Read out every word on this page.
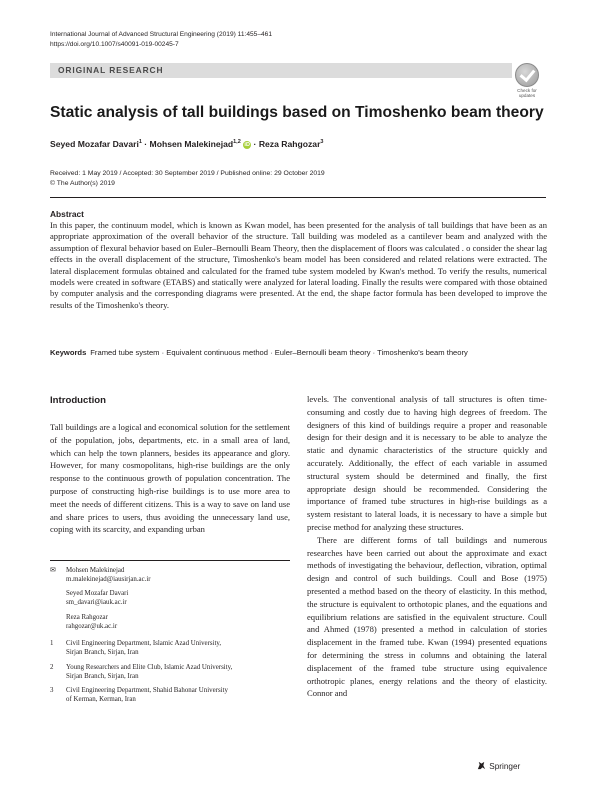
International Journal of Advanced Structural Engineering (2019) 11:455–461
https://doi.org/10.1007/s40091-019-00245-7
ORIGINAL RESEARCH
Check for
updates
Static analysis of tall buildings based on Timoshenko beam theory
Seyed Mozafar Davari$^1$ · Mohsen Malekinejad$^{1,2}$ iD · Reza Rahgozar$^3$
Received: 1 May 2019 / Accepted: 30 September 2019 / Published online: 29 October 2019
© The Author(s) 2019
Abstract
In this paper, the continuum model, which is known as Kwan model, has been presented for the analysis of tall buildings that have been as an appropriate approximation of the overall behavior of the structure. Tall building was modeled as a cantilever beam and analyzed with the assumption of flexural behavior based on Euler–Bernoulli Beam Theory, then the displacement of floors was calculated . o consider the shear lag effects in the overall displacement of the structure, Timoshenko's beam model has been considered and related relations were extracted. The lateral displacement formulas obtained and calculated for the framed tube system modeled by Kwan's method. To verify the results, numerical models were created in software (ETABS) and statically were analyzed for lateral loading. Finally the results were compared with those obtained by computer analysis and the corresponding diagrams were presented. At the end, the shape factor formula has been developed to improve the results of the Timoshenko's theory.
Keywords Framed tube system · Equivalent continuous method · Euler–Bernoulli beam theory · Timoshenko's beam theory
Introduction

Tall buildings are a logical and economical solution for the settlement of the population, jobs, departments, etc. in a small area of land, which can help the town planners, besides its appearance and glory. However, for many cosmopolitans, high-rise buildings are the only response to the continuous growth of population concentration. The purpose of constructing high-rise buildings is to use more area to meet the needs of different citizens. This is a way to save on land use and share prices to users, thus avoiding the unnecessary land use, coping with its scarcity, and expanding urban

levels. The conventional analysis of tall structures is often time-consuming and costly due to having high degrees of freedom. The designers of this kind of buildings require a proper and reasonable design for their design and it is necessary to be able to analyze the static and dynamic characteristics of the structure quickly and accurately. Additionally, the effect of each variable in assumed structural system should be determined and finally, the first appropriate design should be recommended. Considering the importance of framed tube structures in high-rise buildings as a system resistant to lateral loads, it is necessary to have a simple but precise method for analyzing these structures.

There are different forms of tall buildings and numerous researches have been carried out about the approximate and exact methods of investigating the behaviour, deflection, vibration, optimal design and control of such buildings. Coull and Bose (1975) presented a method based on the theory of elasticity. In this method, the structure is equivalent to orthotopic planes, and the equations and equilibrium relations are satisfied in the equivalent structure. Coull and Ahmed (1978) presented a method in calculation of stories displacement in the framed tube. Kwan (1994) presented equations for determining the stress in columns and obtaining the lateral displacement of the framed tube structure using equivalence orthotropic planes, energy relations and the theory of elasticity. Connor and

✉ Mohsen Malekinejad
m.malekinejad@iausirjan.ac.ir
Seyed Mozafar Davari
sm_davari@iauk.ac.ir
Reza Rahgozar
rahgozar@uk.ac.ir
1 Civil Engineering Department, Islamic Azad University,
Sirjan Branch, Sirjan, Iran
2 Young Researchers and Elite Club, Islamic Azad University,
Sirjan Branch, Sirjan, Iran
3 Civil Engineering Department, Shahid Bahonar University
of Kerman, Kerman, Iran
Springer
